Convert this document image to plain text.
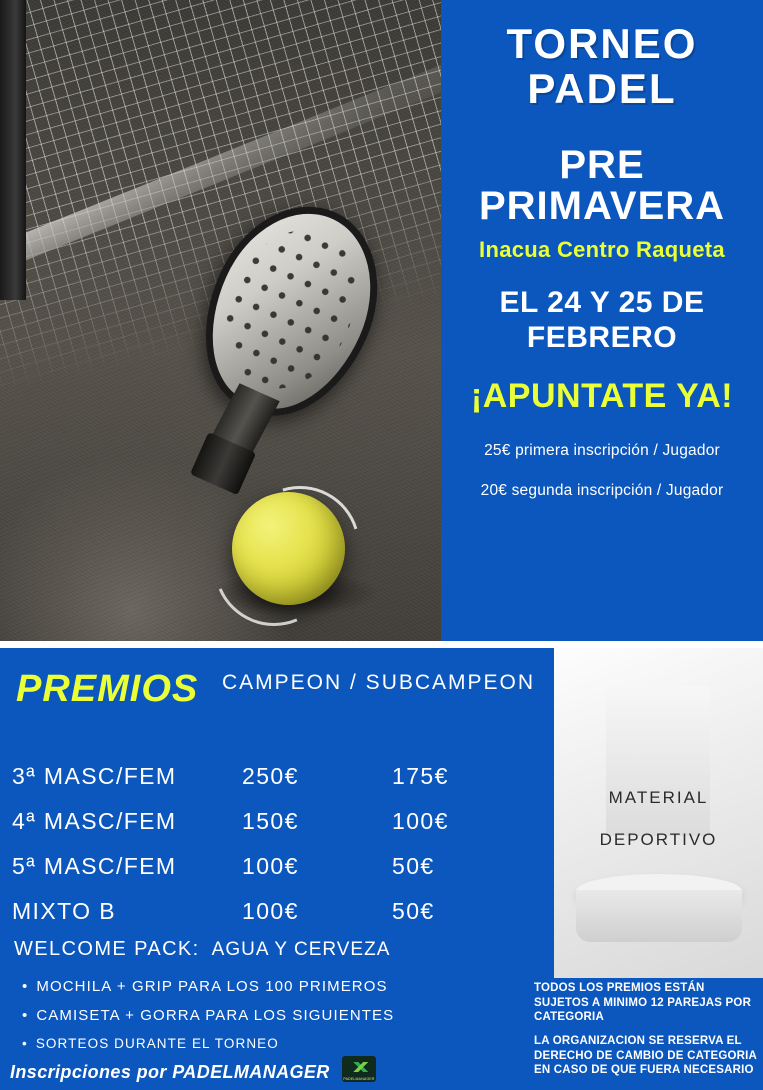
TORNEO
PADEL
PRE
PRIMAVERA
Inacua Centro Raqueta
EL 24 Y 25 DE
FEBRERO
¡APUNTATE YA!
25€ primera inscripción / Jugador
20€ segunda inscripción / Jugador
PREMIOS CAMPEON / SUBCAMPEON
3ª MASC/FEM	250€	175€
4ª MASC/FEM	150€	100€
5ª MASC/FEM	100€	50€
MIXTO B	100€	50€
WELCOME PACK: AGUA Y CERVEZA
• MOCHILA + GRIP PARA LOS 100 PRIMEROS
• CAMISETA + GORRA PARA LOS SIGUIENTES
• SORTEOS DURANTE EL TORNEO
MATERIAL
DEPORTIVO
TODOS LOS PREMIOS ESTÁN SUJETOS A MINIMO 12 PAREJAS POR CATEGORIA
LA ORGANIZACION SE RESERVA EL DERECHO DE CAMBIO DE CATEGORIA EN CASO DE QUE FUERA NECESARIO
Inscripciones por PADELMANAGER	PADELMANAGER
